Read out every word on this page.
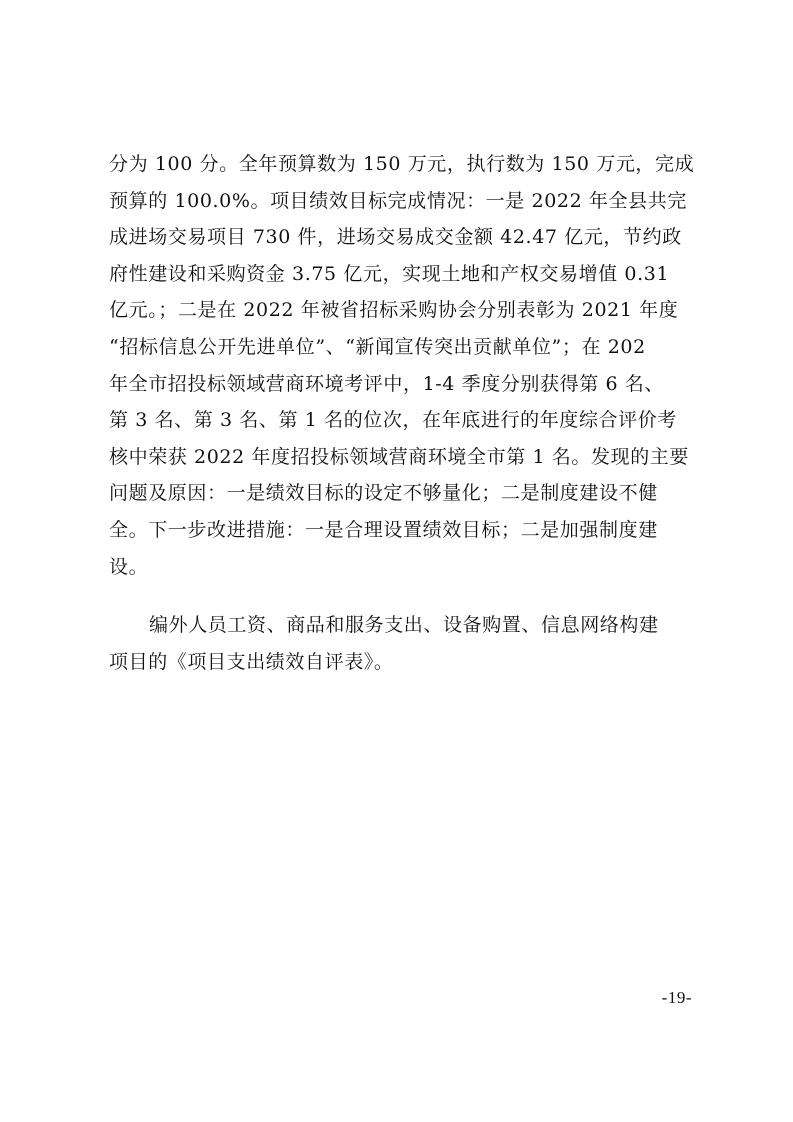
分为 100 分。全年预算数为 150 万元，执行数为 150 万元，完成
预算的 100.0%。项目绩效目标完成情况：一是 2022 年全县共完
成进场交易项目 730 件，进场交易成交金额 42.47 亿元，节约政
府性建设和采购资金 3.75 亿元，实现土地和产权交易增值 0.31
亿元。；二是在 2022 年被省招标采购协会分别表彰为 2021 年度
“招标信息公开先进单位”、“新闻宣传突出贡献单位”；在 202
年全市招投标领域营商环境考评中，1-4 季度分别获得第 6 名、
第 3 名、第 3 名、第 1 名的位次，在年底进行的年度综合评价考
核中荣获 2022 年度招投标领域营商环境全市第 1 名。发现的主要
问题及原因：一是绩效目标的设定不够量化；二是制度建设不健
全。下一步改进措施：一是合理设置绩效目标；二是加强制度建
设。
编外人员工资、商品和服务支出、设备购置、信息网络构建
项目的《项目支出绩效自评表》。
-19-
